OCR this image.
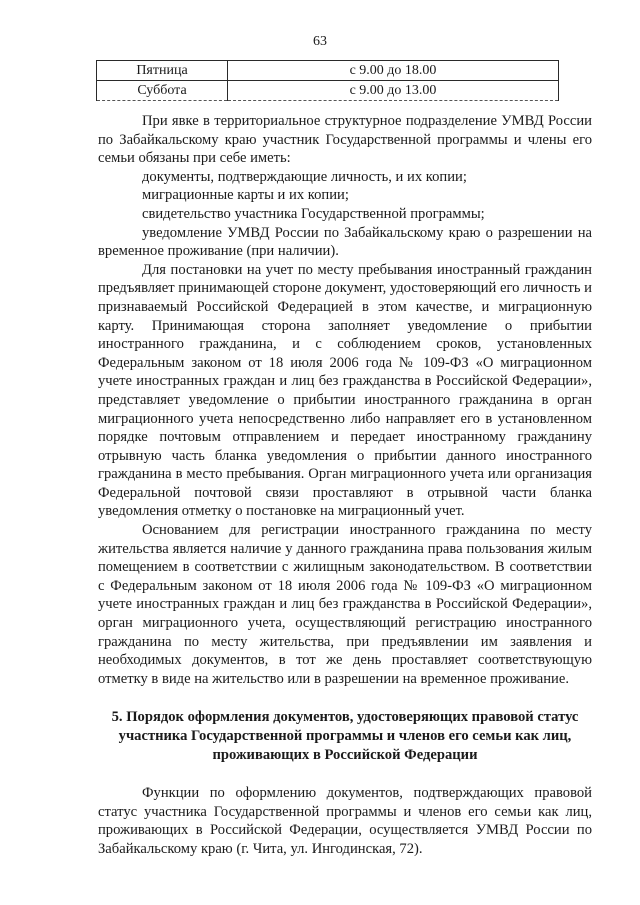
63
Пятница	с 9.00 до 18.00
Суббота	с 9.00 до 13.00

При явке в территориальное структурное подразделение УМВД России по Забайкальскому краю участник Государственной программы и члены его семьи обязаны при себе иметь:

документы, подтверждающие личность, и их копии;

миграционные карты и их копии;

свидетельство участника Государственной программы;

уведомление УМВД России по Забайкальскому краю о разрешении на временное проживание (при наличии).

Для постановки на учет по месту пребывания иностранный гражданин предъявляет принимающей стороне документ, удостоверяющий его личность и признаваемый Российской Федерацией в этом качестве, и миграционную карту. Принимающая сторона заполняет уведомление о прибытии иностранного гражданина, и с соблюдением сроков, установленных Федеральным законом от 18 июля 2006 года № 109-ФЗ «О миграционном учете иностранных граждан и лиц без гражданства в Российской Федерации», представляет уведомление о прибытии иностранного гражданина в орган миграционного учета непосредственно либо направляет его в установленном порядке почтовым отправлением и передает иностранному гражданину отрывную часть бланка уведомления о прибытии данного иностранного гражданина в место пребывания. Орган миграционного учета или организация Федеральной почтовой связи проставляют в отрывной части бланка уведомления отметку о постановке на миграционный учет.

Основанием для регистрации иностранного гражданина по месту жительства является наличие у данного гражданина права пользования жилым помещением в соответствии с жилищным законодательством. В соответствии с Федеральным законом от 18 июля 2006 года № 109-ФЗ «О миграционном учете иностранных граждан и лиц без гражданства в Российской Федерации», орган миграционного учета, осуществляющий регистрацию иностранного гражданина по месту жительства, при предъявлении им заявления и необходимых документов, в тот же день проставляет соответствующую отметку в виде на жительство или в разрешении на временное проживание.

5. Порядок оформления документов, удостоверяющих правовой статус участника Государственной программы и членов его семьи как лиц, проживающих в Российской Федерации

Функции по оформлению документов, подтверждающих правовой статус участника Государственной программы и членов его семьи как лиц, проживающих в Российской Федерации, осуществляется УМВД России по Забайкальскому краю (г. Чита, ул. Ингодинская, 72).
